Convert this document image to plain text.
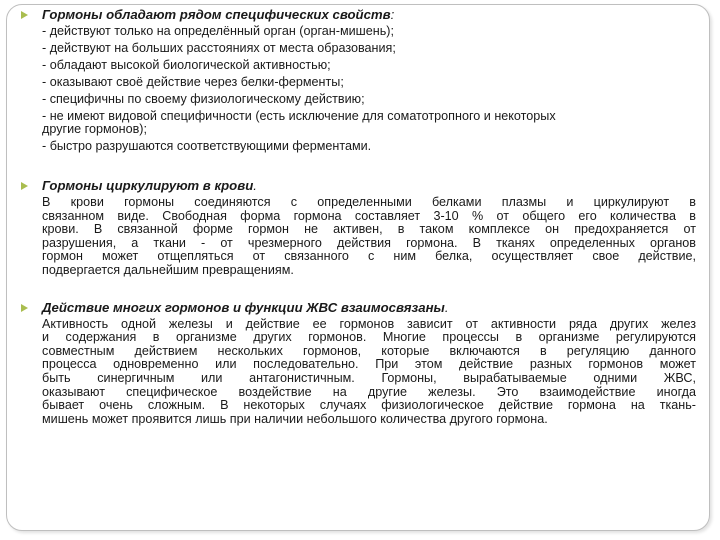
Гормоны обладают рядом специфических свойств:

- действуют только на определённый орган (орган-мишень);

- действуют на больших расстояниях от места образования;

- обладают высокой биологической активностью;

- оказывают своё действие через белки-ферменты;

- специфичны по своему физиологическому действию;

- не имеют видовой специфичности (есть исключение для соматотропного и некоторых

другие гормонов);

- быстро разрушаются соответствующими ферментами.

Гормоны циркулируют в крови.

В крови гормоны соединяются с определенными белками плазмы и циркулируют в
связанном виде. Свободная форма гормона составляет 3-10 % от общего его количества в
крови. В связанной форме гормон не активен, в таком комплексе он предохраняется от
разрушения, а ткани - от чрезмерного действия гормона. В тканях определенных органов
гормон может отщепляться от связанного с ним белка, осуществляет свое действие,
подвергается дальнейшим превращениям.

Действие многих гормонов и функции ЖВС взаимосвязаны.

Активность одной железы и действие ее гормонов зависит от активности ряда других желез
и содержания в организме других гормонов. Многие процессы в организме регулируются
совместным действием нескольких гормонов, которые включаются в регуляцию данного
процесса одновременно или последовательно. При этом действие разных гормонов может
быть синергичным или антагонистичным. Гормоны, вырабатываемые одними ЖВС,
оказывают специфическое воздействие на другие железы. Это взаимодействие иногда
бывает очень сложным. В некоторых случаях физиологическое действие гормона на ткань-
мишень может проявится лишь при наличии небольшого количества другого гормона.
